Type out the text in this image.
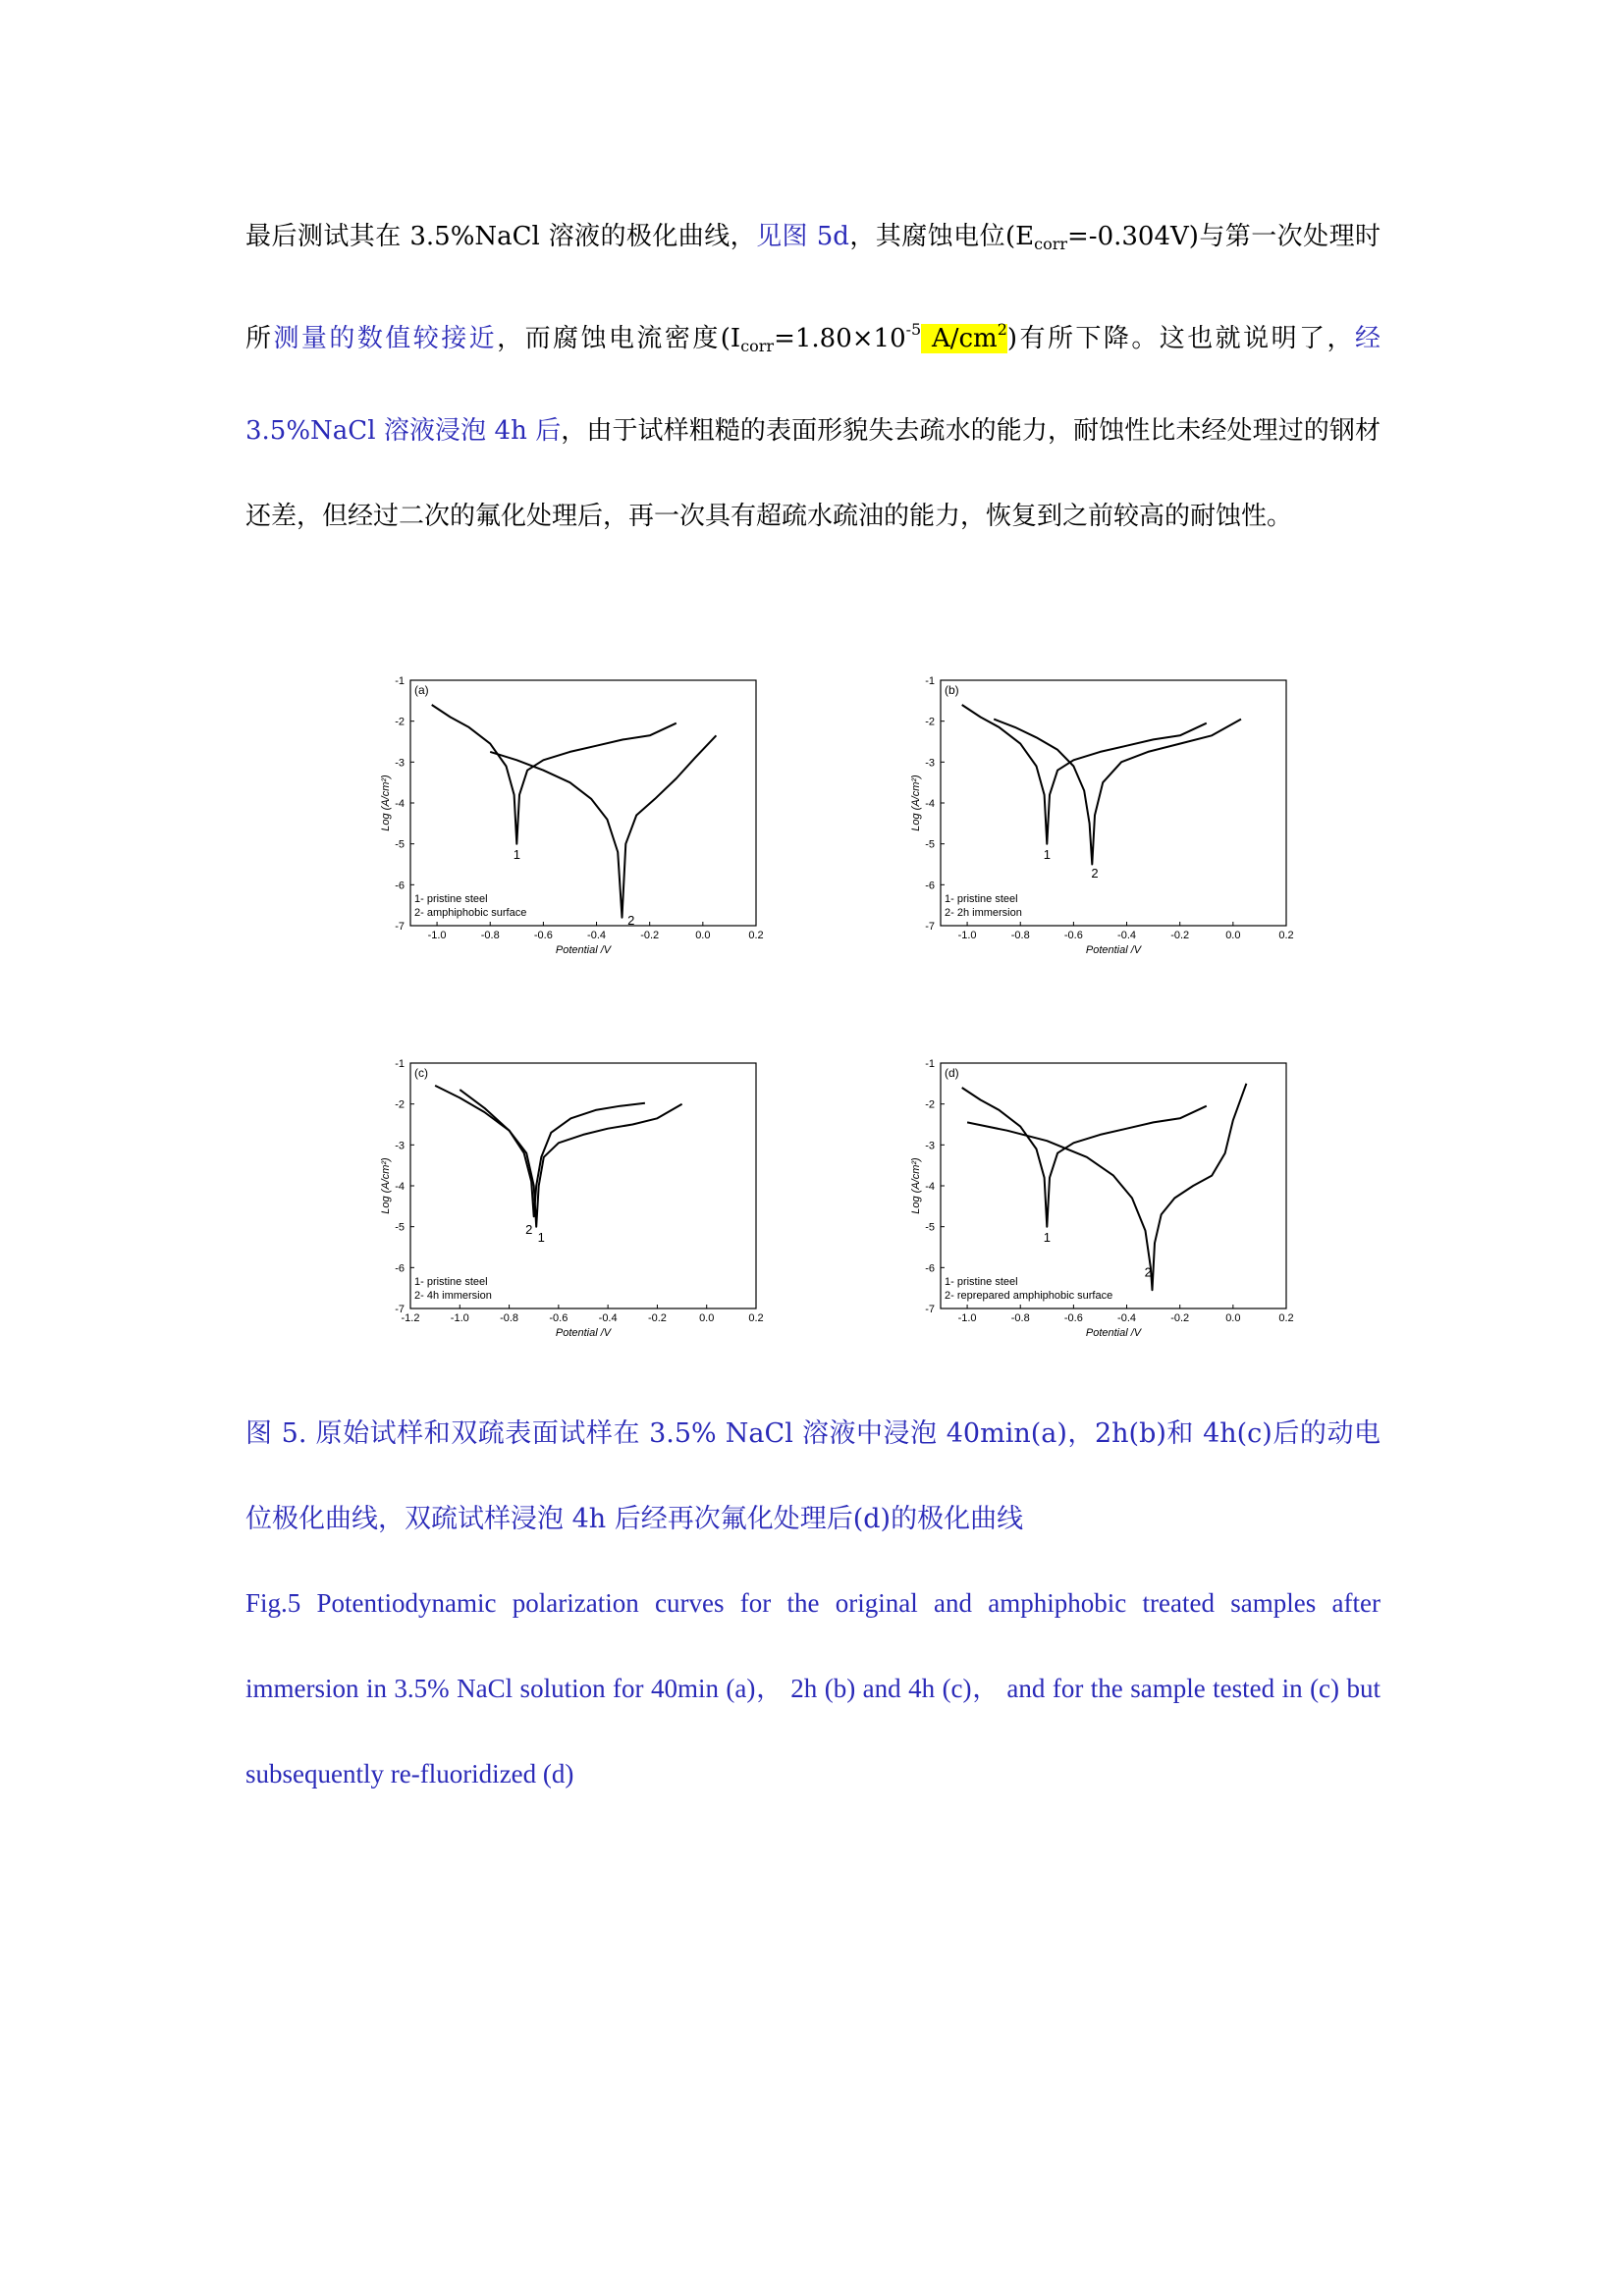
最后测试其在 3.5%NaCl 溶液的极化曲线，见图 5d，其腐蚀电位$(E_{corr}=-0.304V)$与第一次处理时所测量的数值较接近，而腐蚀电流密度($I_{corr}=1.80\times 10^{-5}$ $A/cm^2$)有所下降。这也就说明了，经 3.5%NaCl 溶液浸泡 4h 后，由于试样粗糙的表面形貌失去疏水的能力，耐蚀性比未经处理过的钢材还差，但经过二次的氟化处理后，再一次具有超疏水疏油的能力，恢复到之前较高的耐蚀性。
-1.0	-0.8	-0.6	-0.4	-0.2	0.0	0.2
-1
-2
-3
-4
-5
-6
-7
Potential /V
Log (A/cm²)
(a)
1
2
1- pristine steel
2- amphiphobic surface
-1.0	-0.8	-0.6	-0.4	-0.2	0.0	0.2
-1
-2
-3
-4
-5
-6
-7
Potential /V
Log (A/cm²)
(b)
1
2
1- pristine steel
2- 2h immersion
-1.2	-1.0	-0.8	-0.6	-0.4	-0.2	0.0	0.2
-1
-2
-3
-4
-5
-6
-7
Potential /V
Log (A/cm²)
(c)
2
1
1- pristine steel
2- 4h immersion
-1.0	-0.8	-0.6	-0.4	-0.2	0.0	0.2
-1
-2
-3
-4
-5
-6
-7
Potential /V
Log (A/cm²)
(d)
1
2
1- pristine steel
2- reprepared amphiphobic surface
图 5. 原始试样和双疏表面试样在 3.5% NaCl 溶液中浸泡 40min(a)，2h(b)和 4h(c)后的动电位极化曲线，双疏试样浸泡 4h 后经再次氟化处理后(d)的极化曲线
Fig.5 Potentiodynamic polarization curves for the original and amphiphobic treated samples after immersion in 3.5% NaCl solution for 40min (a)， 2h (b) and 4h (c)， and for the sample tested in (c) but subsequently re-fluoridized (d)
